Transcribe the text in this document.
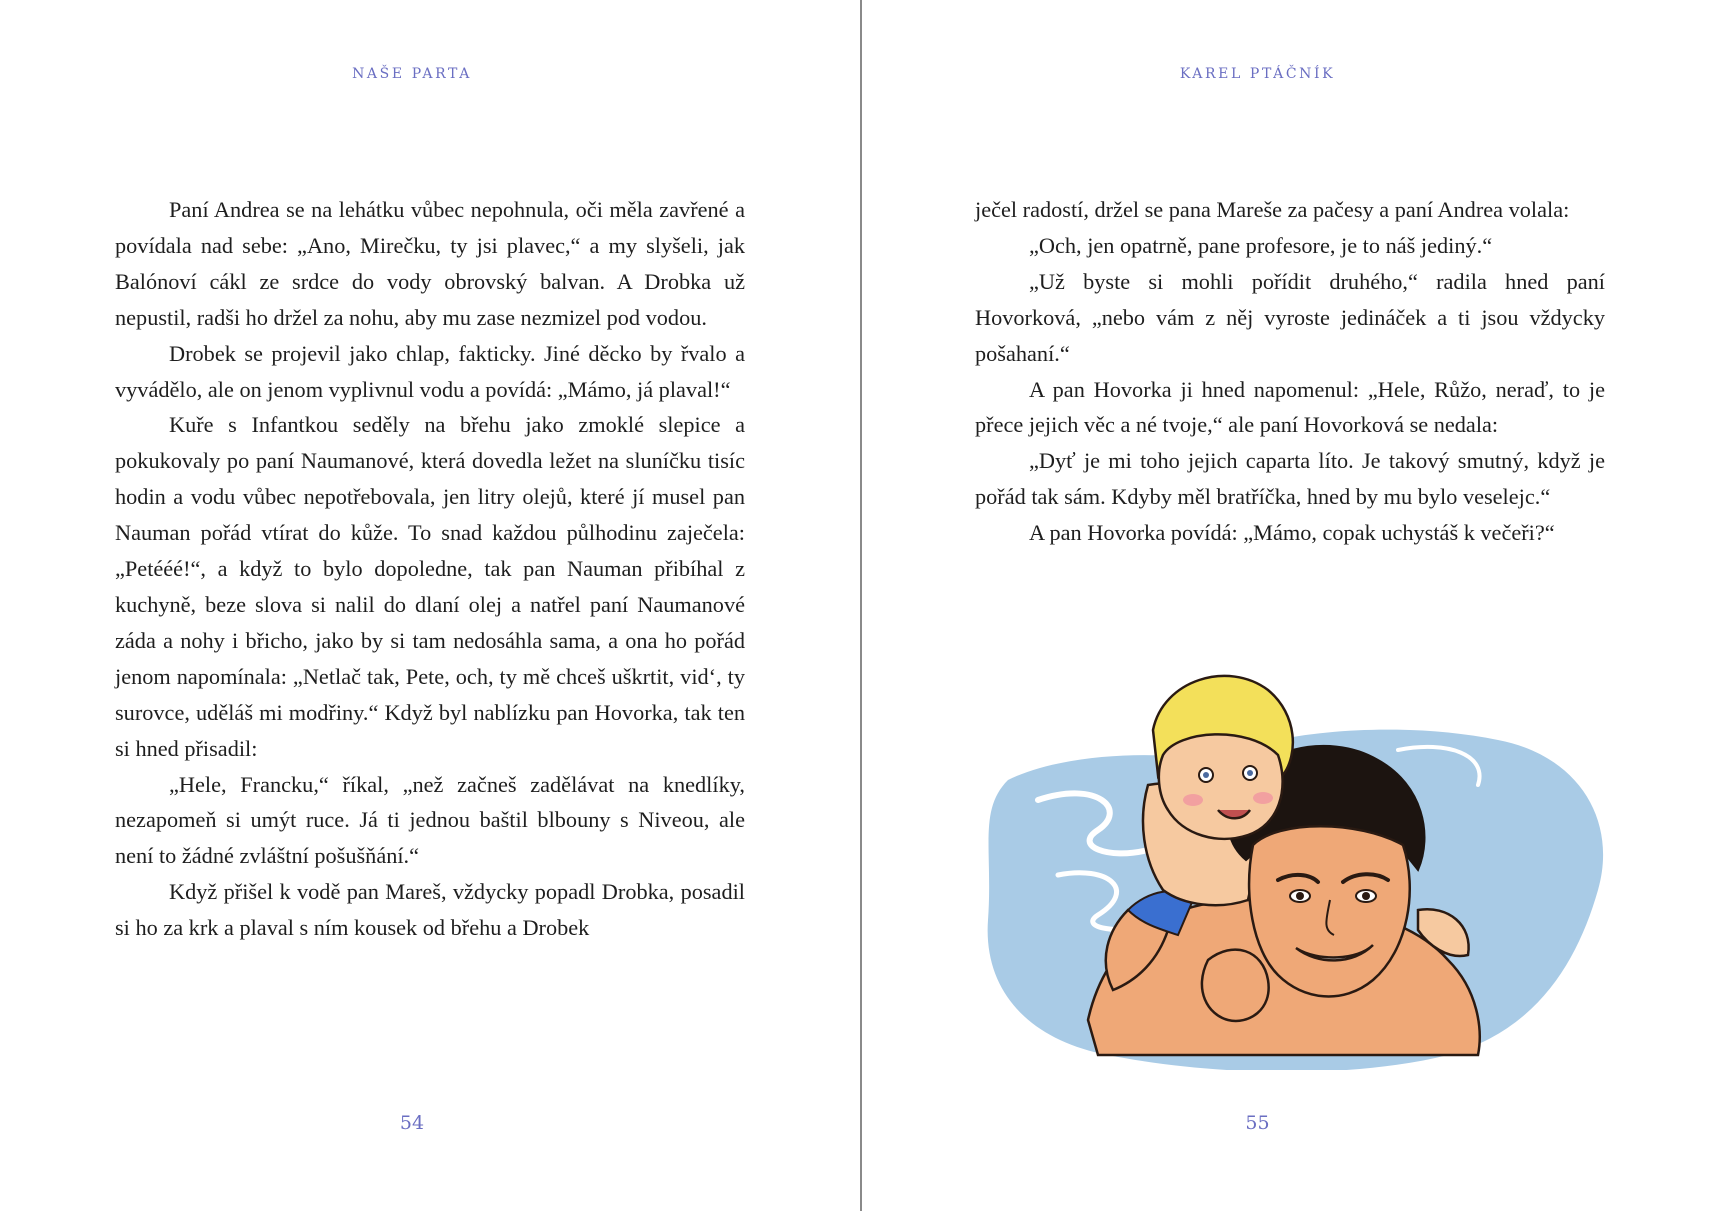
NAŠE PARTA

Paní Andrea se na lehátku vůbec nepohnula, oči měla zavřené a povídala nad sebe: „Ano, Mirečku, ty jsi plavec,“ a my slyšeli, jak Balónoví cákl ze srdce do vody obrovský balvan. A Drobka už nepustil, radši ho držel za nohu, aby mu zase nezmizel pod vodou.

Drobek se projevil jako chlap, fakticky. Jiné děcko by řvalo a vyvádělo, ale on jenom vyplivnul vodu a povídá: „Mámo, já plaval!“

Kuře s Infantkou seděly na břehu jako zmoklé slepice a pokukovaly po paní Naumanové, která dovedla ležet na sluníčku tisíc hodin a vodu vůbec nepotřebovala, jen litry olejů, které jí musel pan Nauman pořád vtírat do kůže. To snad každou půlhodinu zaječela: „Petééé!“, a když to bylo dopoledne, tak pan Nauman přibíhal z kuchyně, beze slova si nalil do dlaní olej a natřel paní Naumanové záda a nohy i břicho, jako by si tam nedosáhla sama, a ona ho pořád jenom napomínala: „Netlač tak, Pete, och, ty mě chceš uškrtit, vid‘, ty surovce, uděláš mi modřiny.“ Když byl nablízku pan Hovorka, tak ten si hned přisadil:

„Hele, Francku,“ říkal, „než začneš zadělávat na knedlíky, nezapomeň si umýt ruce. Já ti jednou baštil blbouny s Niveou, ale není to žádné zvláštní pošušňání.“

Když přišel k vodě pan Mareš, vždycky popadl Drobka, posadil si ho za krk a plaval s ním kousek od břehu a Drobek

54
KAREL PTÁČNÍK

ječel radostí, držel se pana Mareše za pačesy a paní Andrea volala:

„Och, jen opatrně, pane profesore, je to náš jediný.“

„Už byste si mohli pořídit druhého,“ radila hned paní Hovorková, „nebo vám z něj vyroste jedináček a ti jsou vždycky pošahaní.“

A pan Hovorka ji hned napomenul: „Hele, Růžo, neraď, to je přece jejich věc a né tvoje,“ ale paní Hovorková se nedala:

„Dyť je mi toho jejich caparta líto. Je takový smutný, když je pořád tak sám. Kdyby měl bratříčka, hned by mu bylo veselejc.“

A pan Hovorka povídá: „Mámo, copak uchystáš k večeři?“

55
